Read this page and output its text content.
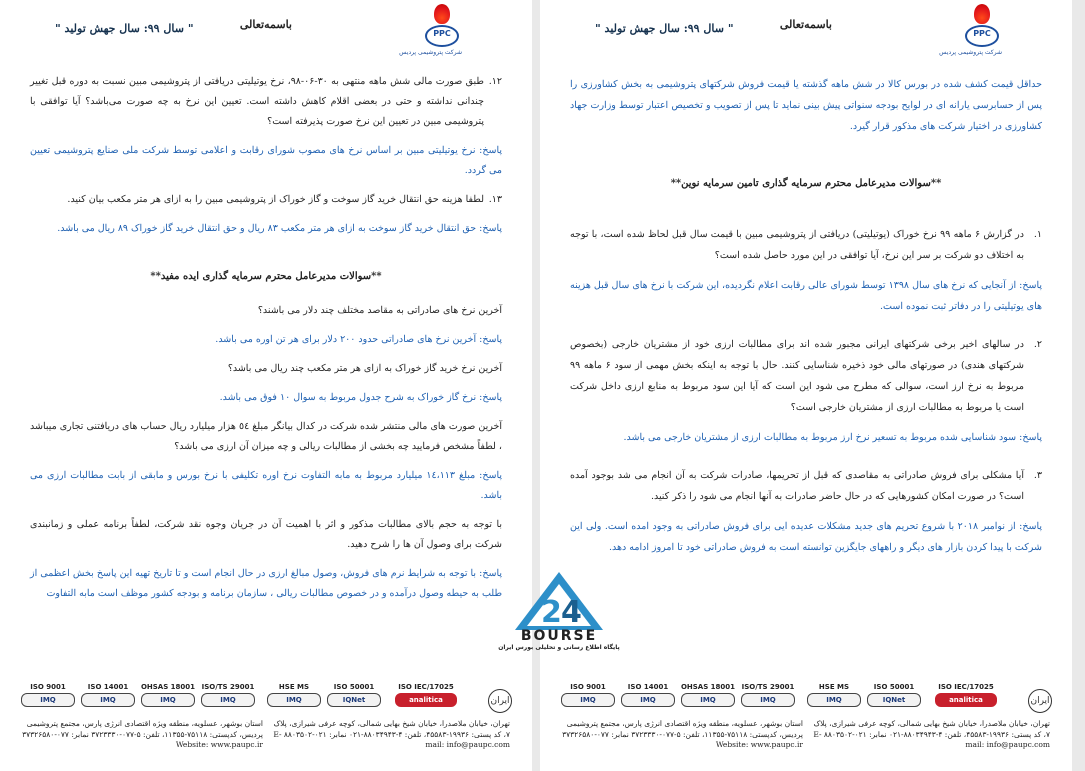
PPC
شرکت پتروشیمی پردیس
باسمه‌تعالی
" سال ۹۹: سال جهش تولید "

حداقل قیمت کشف شده در بورس کالا در شش ماهه گذشته یا قیمت فروش شرکتهای پتروشیمی به بخش کشاورزی را پس از حسابرسی یارانه ای در لوایح بودجه سنواتی پیش بینی نماید تا پس از تصویب و تخصیص اعتبار توسط وزارت جهاد کشاورزی در اختیار شرکت های مذکور قرار گیرد.

**سوالات مدیرعامل محترم سرمایه گذاری تامین سرمایه نوین**
۱.
در گزارش ۶ ماهه ۹۹ نرخ خوراک (یوتیلیتی) دریافتی از پتروشیمی مبین با قیمت سال قبل لحاظ شده است، با توجه به اختلاف دو شرکت بر سر این نرخ، آیا توافقی در این مورد حاصل شده است؟

پاسخ: از آنجایی که نرخ های سال ۱۳۹۸ توسط شورای عالی رقابت اعلام نگردیده، این شرکت با نرخ های سال قبل هزینه های یوتیلیتی را در دفاتر ثبت نموده است.

۲.
در سالهای اخیر برخی شرکتهای ایرانی مجبور شده اند برای مطالبات ارزی خود از مشتریان خارجی (بخصوص شرکتهای هندی) در صورتهای مالی خود ذخیره شناسایی کنند. حال با توجه به اینکه بخش مهمی از سود ۶ ماهه ۹۹ مربوط به نرخ ارز است، سوالی که مطرح می شود این است که آیا این سود مربوط به منابع ارزی داخل شرکت است یا مربوط به مطالبات ارزی از مشتریان خارجی است؟

پاسخ: سود شناسایی شده مربوط به تسعیر نرخ ارز مربوط به مطالبات ارزی از مشتریان خارجی می باشد.

۳.
آیا مشکلی برای فروش صادراتی به مقاصدی که قبل از تحریمها، صادرات شرکت به آن انجام می شد بوجود آمده است؟ در صورت امکان کشورهایی که در حال حاضر صادرات به آنها انجام می شود را ذکر کنید.

پاسخ: از نوامبر ۲۰۱۸ با شروع تحریم های جدید مشکلات عدیده ایی برای فروش صادراتی به وجود امده است. ولی این شرکت با پیدا کردن بازار های دیگر و راههای جایگزین توانسته است به فروش صادراتی خود تا امروز ادامه دهد.

ISO 9001
IMQ
ISO 14001
IMQ
OHSAS 18001
IMQ
ISO/TS 29001
IMQ
HSE MS
IMQ
ISO 50001
IQNet
ISO IEC/17025
analitica	ایران
تهران، خیابان ملاصدرا، خیابان شیخ بهایی شمالی، کوچه عرفی شیرازی، پلاک ۷، کد پستی: ۱۹۹۳۶-۴۵۵۸۳، تلفن: ۴-۸۸۰۳۴۹۴۳-۰۲۱ نمابر: ۰۲۱-۸۸۰۳۵۰۲ E-mail: info@paupc.com
استان بوشهر، عسلویه، منطقه ویژه اقتصادی انرژی پارس، مجتمع پتروشیمی پردیس، کدپستی: ۷۵۱۱۸-۱۱۳۵۵، تلفن: ۵-۰۷۷-۳۷۲۳۳۳۰ نمابر: ۰۷۷-۳۷۳۲۶۵۸۰ Website: www.paupc.ir
PPC
شرکت پتروشیمی پردیس
باسمه‌تعالی
" سال ۹۹: سال جهش تولید "
۱۲.
طبق صورت مالی شش ماهه منتهی به ۳۰-۰۶-۹۸، نرخ یوتیلیتی دریافتی از پتروشیمی مبین نسبت به دوره قبل تغییر چندانی نداشته و حتی در بعضی اقلام کاهش داشته است. تعیین این نرخ به چه صورت می‌باشد؟ آیا توافقی با پتروشیمی مبین در تعیین این نرخ صورت پذیرفته است؟

پاسخ: نرخ یوتیلیتی مبین بر اساس نرخ های مصوب شورای رقابت و اعلامی توسط شرکت ملی صنایع پتروشیمی تعیین می گردد.

۱۳.
لطفا هزینه حق انتقال خرید گاز سوخت و گاز خوراک از پتروشیمی مبین را به ازای هر متر مکعب بیان کنید.

پاسخ: حق انتقال خرید گاز سوخت به ازای هر متر مکعب ۸۳ ریال و حق انتقال خرید گاز خوراک ۸۹ ریال می باشد.

**سوالات مدیرعامل محترم سرمایه گذاری ایده مفید**

آخرین نرخ های صادراتی به مقاصد مختلف چند دلار می باشند؟

پاسخ: آخرین نرخ های صادراتی حدود ۲۰۰ دلار برای هر تن اوره می باشد.

آخرین نرخ خرید گاز خوراک به ازای هر متر مکعب چند ریال می باشد؟

پاسخ: نرخ گاز خوراک به شرح جدول مربوط به سوال ۱۰ فوق می باشد.

آخرین صورت های مالی منتشر شده شرکت در کدال بیانگر مبلغ ٥٤ هزار میلیارد ریال حساب های دریافتنی تجاری میباشد ، لطفاً مشخص فرمایید چه بخشی از مطالبات ریالی و چه میزان آن ارزی می باشد؟

پاسخ: مبلغ ۱٤،۱۱۳ میلیارد مربوط به مابه التفاوت نرخ اوره تکلیفی با نرخ بورس و مابقی از بابت مطالبات ارزی می باشد.

با توجه به حجم بالای مطالبات مذکور و اثر با اهمیت آن در جریان وجوه نقد شرکت، لطفاً برنامه عملی و زمانبندی شرکت برای وصول آن ها را شرح دهید.

پاسخ: با توجه به شرایط نرم های فروش، وصول مبالغ ارزی در حال انجام است و تا تاریخ تهیه این پاسخ بخش اعظمی از طلب به حیطه وصول درآمده و در خصوص مطالبات ریالی ، سازمان برنامه و بودجه کشور موظف است مابه التفاوت

ISO 9001
IMQ
ISO 14001
IMQ
OHSAS 18001
IMQ
ISO/TS 29001
IMQ
HSE MS
IMQ
ISO 50001
IQNet
ISO IEC/17025
analitica	ایران
تهران، خیابان ملاصدرا، خیابان شیخ بهایی شمالی، کوچه عرفی شیرازی، پلاک ۷، کد پستی: ۱۹۹۳۶-۴۵۵۸۳، تلفن: ۴-۸۸۰۳۴۹۴۳-۰۲۱ نمابر: ۰۲۱-۸۸۰۳۵۰۲ E-mail: info@paupc.com
استان بوشهر، عسلویه، منطقه ویژه اقتصادی انرژی پارس، مجتمع پتروشیمی پردیس، کدپستی: ۷۵۱۱۸-۱۱۳۵۵، تلفن: ۵-۰۷۷-۳۷۲۳۳۳۰ نمابر: ۰۷۷-۳۷۳۲۶۵۸۰ Website: www.paupc.ir
2 4
BOURSE
پایگاه اطلاع رسانی و تحلیلی بورس ایران
